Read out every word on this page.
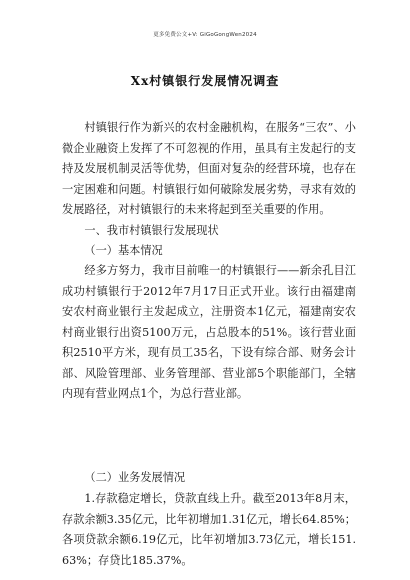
更多免费公文+V: GiGoGongWen2024
Xx村镇银行发展情况调查

村镇银行作为新兴的农村金融机构，在服务“三农”、小微企业融资上发挥了不可忽视的作用，虽具有主发起行的支持及发展机制灵活等优势，但面对复杂的经营环境，也存在一定困难和问题。村镇银行如何破除发展劣势，寻求有效的发展路径，对村镇银行的未来将起到至关重要的作用。

一、我市村镇银行发展现状

（一）基本情况

经多方努力，我市目前唯一的村镇银行——新余孔目江成功村镇银行于2012年7月17日正式开业。该行由福建南安农村商业银行主发起成立，注册资本1亿元，福建南安农村商业银行出资5100万元，占总股本的51%。该行营业面积2510平方米，现有员工35名，下设有综合部、财务会计部、风险管理部、业务管理部、营业部5个职能部门，全辖内现有营业网点1个，为总行营业部。

（二）业务发展情况

1.存款稳定增长，贷款直线上升。截至2013年8月末，存款余额3.35亿元，比年初增加1.31亿元，增长64.85%；各项贷款余额6.19亿元，比年初增加3.73亿元，增长151.63%；存贷比185.37%。
